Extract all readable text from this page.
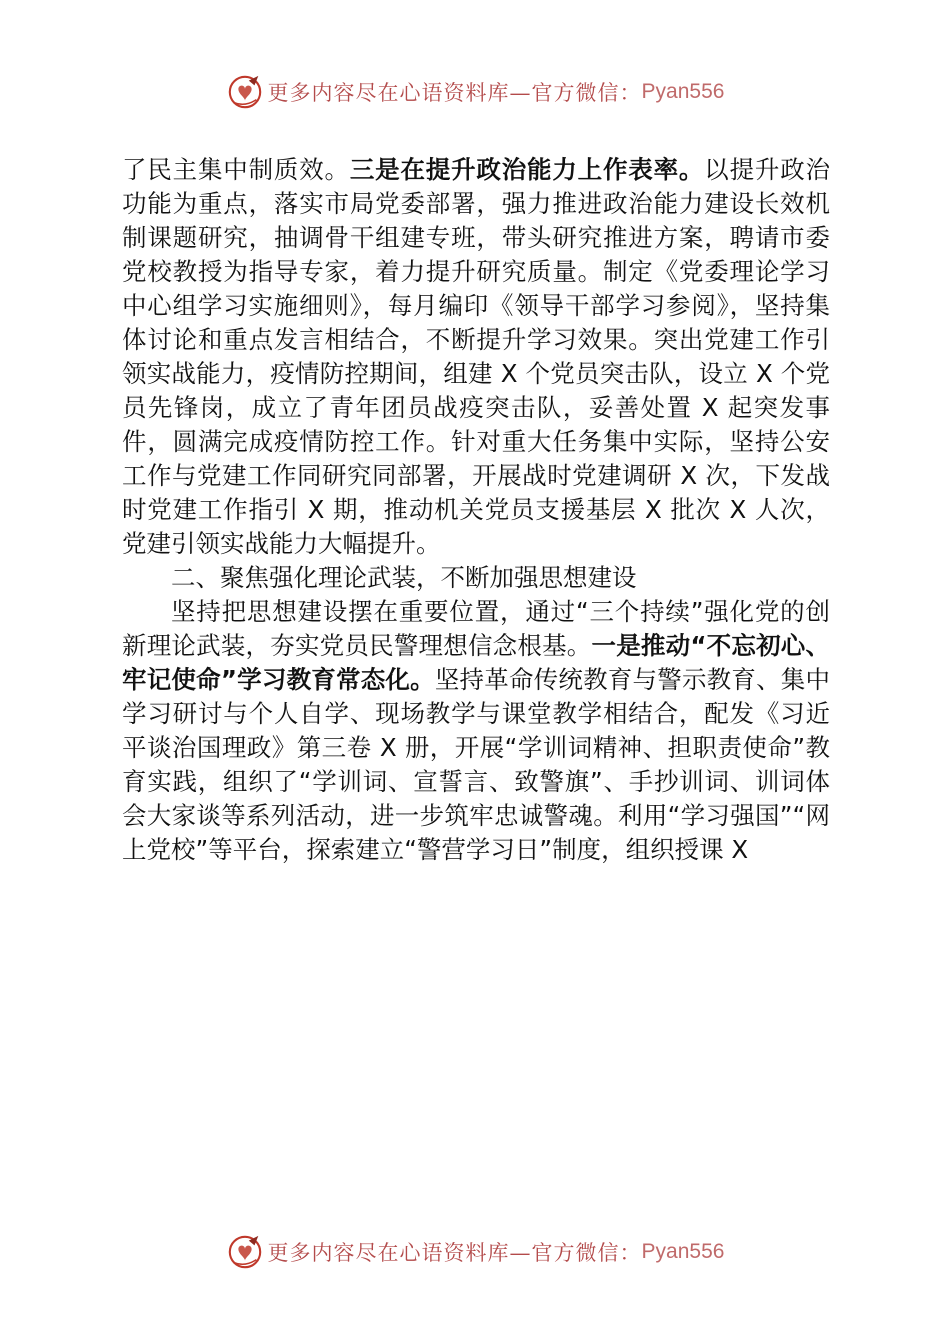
更多内容尽在心语资料库—官方微信： Pyan556

了民主集中制质效。三是在提升政治能力上作表率。以提升政治功能为重点，落实市局党委部署，强力推进政治能力建设长效机制课题研究，抽调骨干组建专班，带头研究推进方案，聘请市委党校教授为指导专家，着力提升研究质量。制定《党委理论学习中心组学习实施细则》，每月编印《领导干部学习参阅》，坚持集体讨论和重点发言相结合，不断提升学习效果。突出党建工作引领实战能力，疫情防控期间，组建 X 个党员突击队，设立 X 个党员先锋岗，成立了青年团员战疫突击队，妥善处置 X 起突发事件，圆满完成疫情防控工作。针对重大任务集中实际，坚持公安工作与党建工作同研究同部署，开展战时党建调研 X 次，下发战时党建工作指引 X 期，推动机关党员支援基层 X 批次 X 人次，党建引领实战能力大幅提升。

二、聚焦强化理论武装，不断加强思想建设

坚持把思想建设摆在重要位置，通过“三个持续”强化党的创新理论武装，夯实党员民警理想信念根基。一是推动“不忘初心、牢记使命”学习教育常态化。坚持革命传统教育与警示教育、集中学习研讨与个人自学、现场教学与课堂教学相结合，配发《习近平谈治国理政》第三卷 X 册，开展“学训词精神、担职责使命”教育实践，组织了“学训词、宣誓言、致警旗”、手抄训词、训词体会大家谈等系列活动，进一步筑牢忠诚警魂。利用“学习强国”“网上党校”等平台，探索建立“警营学习日”制度，组织授课 X

更多内容尽在心语资料库—官方微信： Pyan556
